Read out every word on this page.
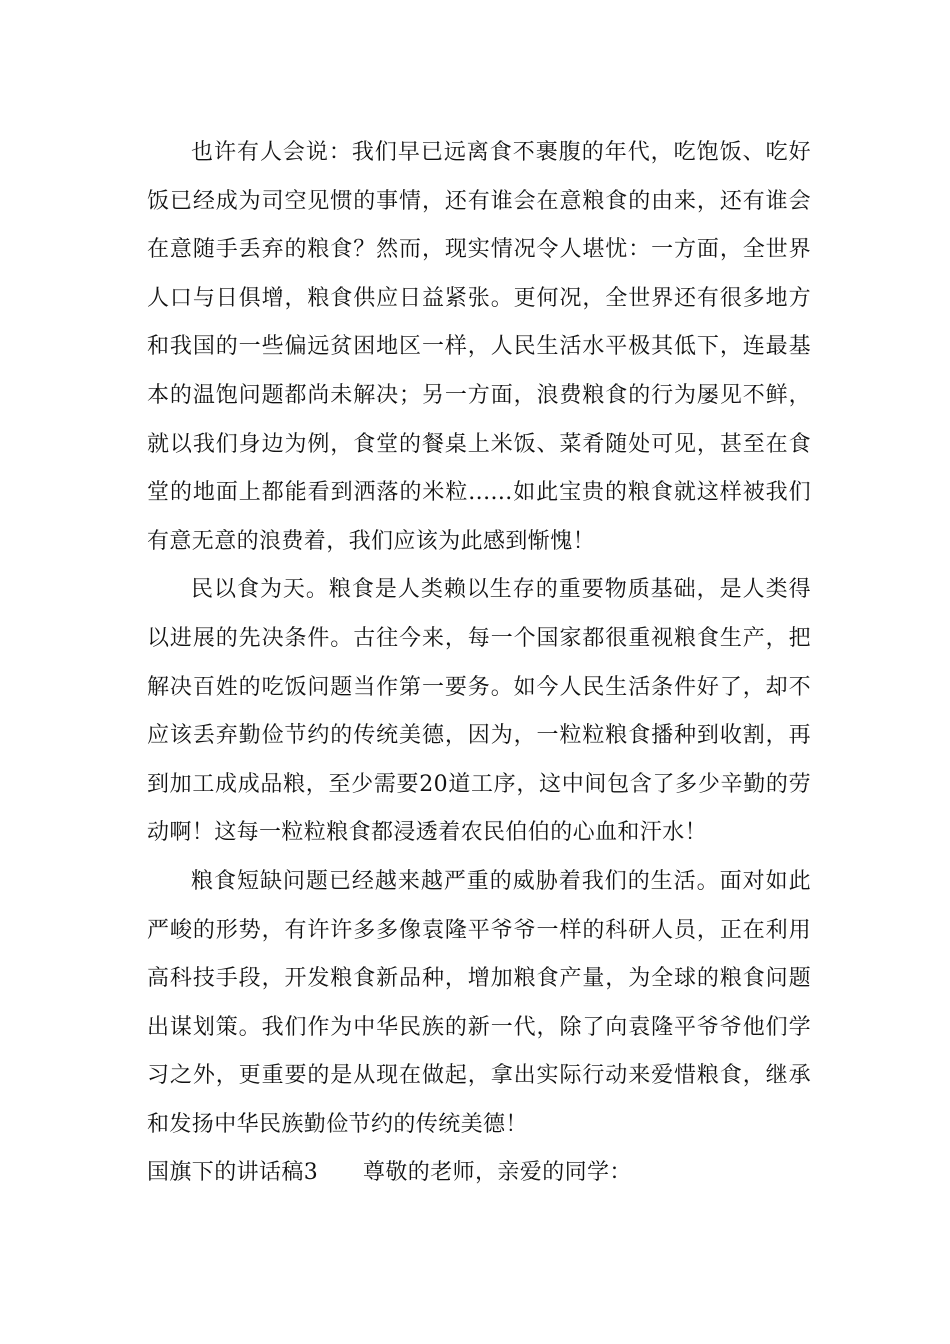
也许有人会说：我们早已远离食不裹腹的年代，吃饱饭、吃好饭已经成为司空见惯的事情，还有谁会在意粮食的由来，还有谁会在意随手丢弃的粮食？然而，现实情况令人堪忧：一方面，全世界人口与日俱增，粮食供应日益紧张。更何况，全世界还有很多地方和我国的一些偏远贫困地区一样，人民生活水平极其低下，连最基本的温饱问题都尚未解决；另一方面，浪费粮食的行为屡见不鲜，就以我们身边为例，食堂的餐桌上米饭、菜肴随处可见，甚至在食堂的地面上都能看到洒落的米粒......如此宝贵的粮食就这样被我们有意无意的浪费着，我们应该为此感到惭愧！

民以食为天。粮食是人类赖以生存的重要物质基础，是人类得以进展的先决条件。古往今来，每一个国家都很重视粮食生产，把解决百姓的吃饭问题当作第一要务。如今人民生活条件好了，却不应该丢弃勤俭节约的传统美德，因为，一粒粒粮食播种到收割，再到加工成成品粮，至少需要20道工序，这中间包含了多少辛勤的劳动啊！这每一粒粒粮食都浸透着农民伯伯的心血和汗水！

粮食短缺问题已经越来越严重的威胁着我们的生活。面对如此严峻的形势，有许许多多像袁隆平爷爷一样的科研人员，正在利用高科技手段，开发粮食新品种，增加粮食产量，为全球的粮食问题出谋划策。我们作为中华民族的新一代，除了向袁隆平爷爷他们学习之外，更重要的是从现在做起，拿出实际行动来爱惜粮食，继承和发扬中华民族勤俭节约的传统美德！

国旗下的讲话稿3　　尊敬的老师，亲爱的同学：
